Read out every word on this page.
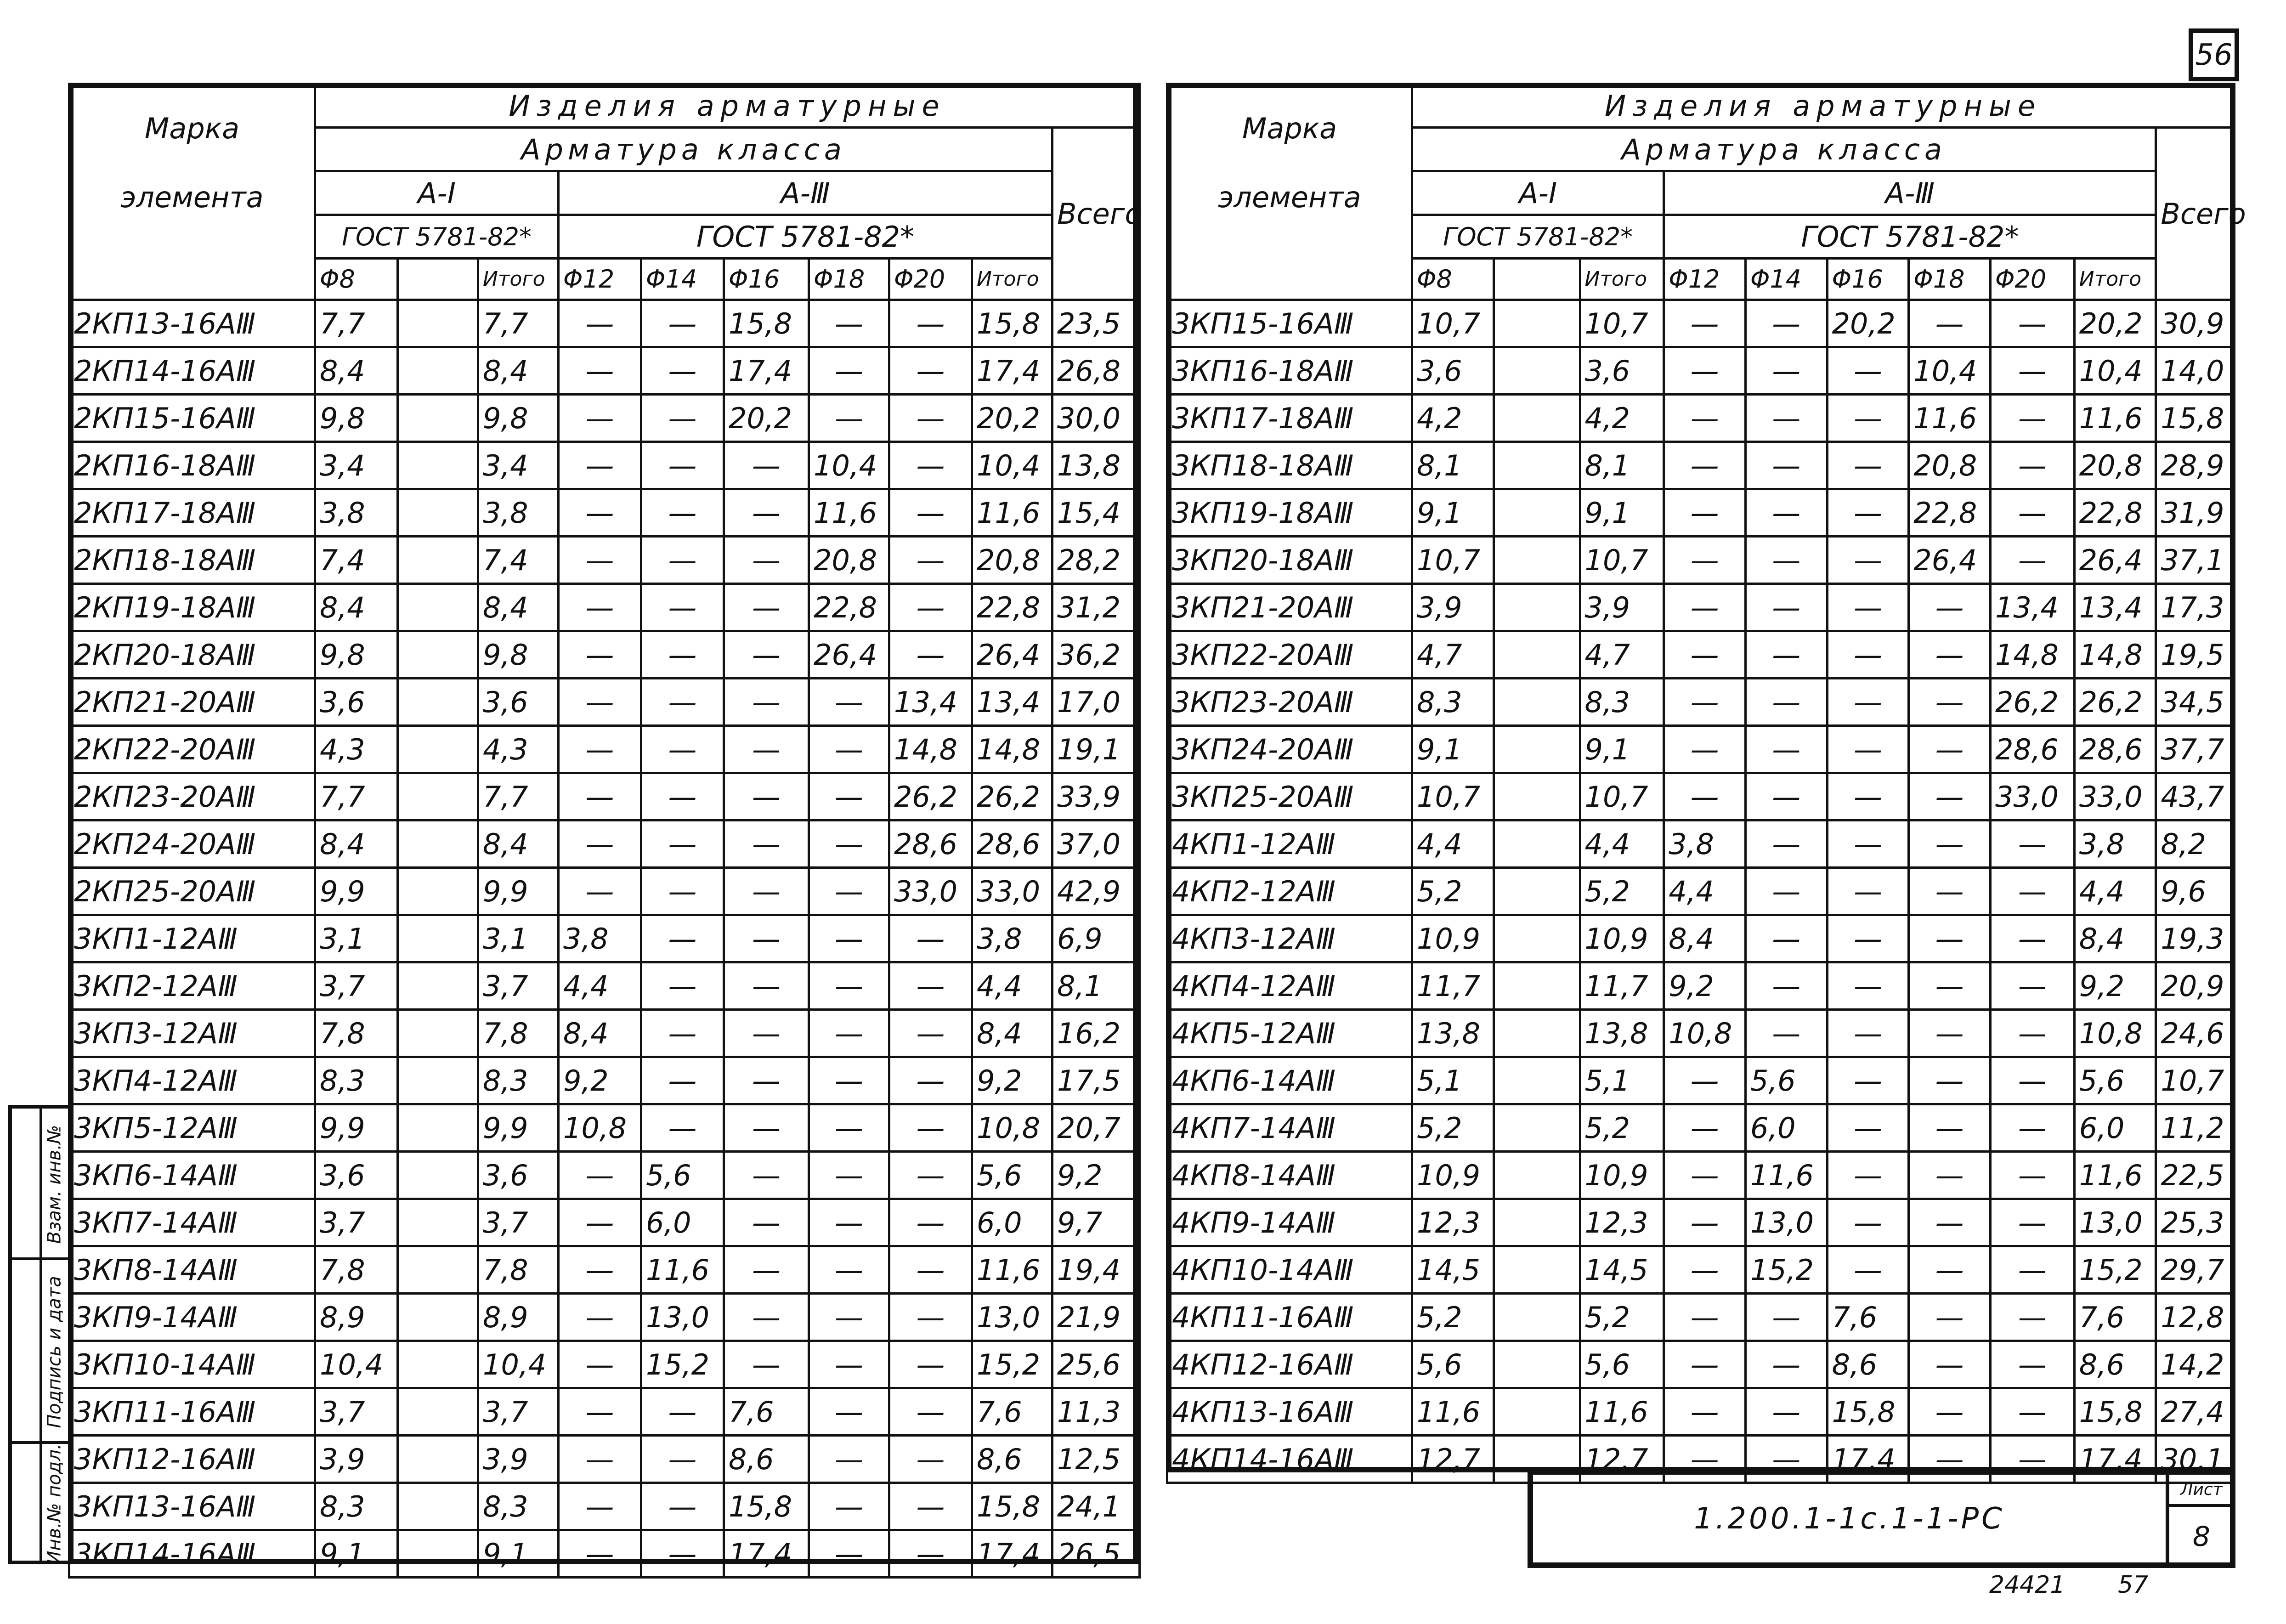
56
Марка
элемента	Изделия арматурные									
	Арматура класса									Всего
	A-I			A-Ⅲ						
	ГОСТ 5781-82*			ГОСТ 5781-82*						
	Φ8		Итого	Φ12	Φ14	Φ16	Φ18	Φ20	Итого	
2КП13-16АⅢ	7,7		7,7	—	—	15,8	—	—	15,8	23,5
2КП14-16АⅢ	8,4		8,4	—	—	17,4	—	—	17,4	26,8
2КП15-16АⅢ	9,8		9,8	—	—	20,2	—	—	20,2	30,0
2КП16-18АⅢ	3,4		3,4	—	—	—	10,4	—	10,4	13,8
2КП17-18АⅢ	3,8		3,8	—	—	—	11,6	—	11,6	15,4
2КП18-18АⅢ	7,4		7,4	—	—	—	20,8	—	20,8	28,2
2КП19-18АⅢ	8,4		8,4	—	—	—	22,8	—	22,8	31,2
2КП20-18АⅢ	9,8		9,8	—	—	—	26,4	—	26,4	36,2
2КП21-20АⅢ	3,6		3,6	—	—	—	—	13,4	13,4	17,0
2КП22-20АⅢ	4,3		4,3	—	—	—	—	14,8	14,8	19,1
2КП23-20АⅢ	7,7		7,7	—	—	—	—	26,2	26,2	33,9
2КП24-20АⅢ	8,4		8,4	—	—	—	—	28,6	28,6	37,0
2КП25-20АⅢ	9,9		9,9	—	—	—	—	33,0	33,0	42,9
3КП1-12АⅢ	3,1		3,1	3,8	—	—	—	—	3,8	6,9
3КП2-12АⅢ	3,7		3,7	4,4	—	—	—	—	4,4	8,1
3КП3-12АⅢ	7,8		7,8	8,4	—	—	—	—	8,4	16,2
3КП4-12АⅢ	8,3		8,3	9,2	—	—	—	—	9,2	17,5
3КП5-12АⅢ	9,9		9,9	10,8	—	—	—	—	10,8	20,7
3КП6-14АⅢ	3,6		3,6	—	5,6	—	—	—	5,6	9,2
3КП7-14АⅢ	3,7		3,7	—	6,0	—	—	—	6,0	9,7
3КП8-14АⅢ	7,8		7,8	—	11,6	—	—	—	11,6	19,4
3КП9-14АⅢ	8,9		8,9	—	13,0	—	—	—	13,0	21,9
3КП10-14АⅢ	10,4		10,4	—	15,2	—	—	—	15,2	25,6
3КП11-16АⅢ	3,7		3,7	—	—	7,6	—	—	7,6	11,3
3КП12-16АⅢ	3,9		3,9	—	—	8,6	—	—	8,6	12,5
3КП13-16АⅢ	8,3		8,3	—	—	15,8	—	—	15,8	24,1
3КП14-16АⅢ	9,1		9,1	—	—	17,4	—	—	17,4	26,5
Марка
элемента	Изделия арматурные									
	Арматура класса									Всего
	A-I			A-Ⅲ						
	ГОСТ 5781-82*			ГОСТ 5781-82*						
	Φ8		Итого	Φ12	Φ14	Φ16	Φ18	Φ20	Итого	
3КП15-16АⅢ	10,7		10,7	—	—	20,2	—	—	20,2	30,9
3КП16-18АⅢ	3,6		3,6	—	—	—	10,4	—	10,4	14,0
3КП17-18АⅢ	4,2		4,2	—	—	—	11,6	—	11,6	15,8
3КП18-18АⅢ	8,1		8,1	—	—	—	20,8	—	20,8	28,9
3КП19-18АⅢ	9,1		9,1	—	—	—	22,8	—	22,8	31,9
3КП20-18АⅢ	10,7		10,7	—	—	—	26,4	—	26,4	37,1
3КП21-20АⅢ	3,9		3,9	—	—	—	—	13,4	13,4	17,3
3КП22-20АⅢ	4,7		4,7	—	—	—	—	14,8	14,8	19,5
3КП23-20АⅢ	8,3		8,3	—	—	—	—	26,2	26,2	34,5
3КП24-20АⅢ	9,1		9,1	—	—	—	—	28,6	28,6	37,7
3КП25-20АⅢ	10,7		10,7	—	—	—	—	33,0	33,0	43,7
4КП1-12АⅢ	4,4		4,4	3,8	—	—	—	—	3,8	8,2
4КП2-12АⅢ	5,2		5,2	4,4	—	—	—	—	4,4	9,6
4КП3-12АⅢ	10,9		10,9	8,4	—	—	—	—	8,4	19,3
4КП4-12АⅢ	11,7		11,7	9,2	—	—	—	—	9,2	20,9
4КП5-12АⅢ	13,8		13,8	10,8	—	—	—	—	10,8	24,6
4КП6-14АⅢ	5,1		5,1	—	5,6	—	—	—	5,6	10,7
4КП7-14АⅢ	5,2		5,2	—	6,0	—	—	—	6,0	11,2
4КП8-14АⅢ	10,9		10,9	—	11,6	—	—	—	11,6	22,5
4КП9-14АⅢ	12,3		12,3	—	13,0	—	—	—	13,0	25,3
4КП10-14АⅢ	14,5		14,5	—	15,2	—	—	—	15,2	29,7
4КП11-16АⅢ	5,2		5,2	—	—	7,6	—	—	7,6	12,8
4КП12-16АⅢ	5,6		5,6	—	—	8,6	—	—	8,6	14,2
4КП13-16АⅢ	11,6		11,6	—	—	15,8	—	—	15,8	27,4
4КП14-16АⅢ	12,7		12,7	—	—	17,4	—	—	17,4	30,1
Взам. инв.№
Подпись и дата
Инв.№ подл.	1.200.1-1с.1-1-РС
Лист
8
24421 57
